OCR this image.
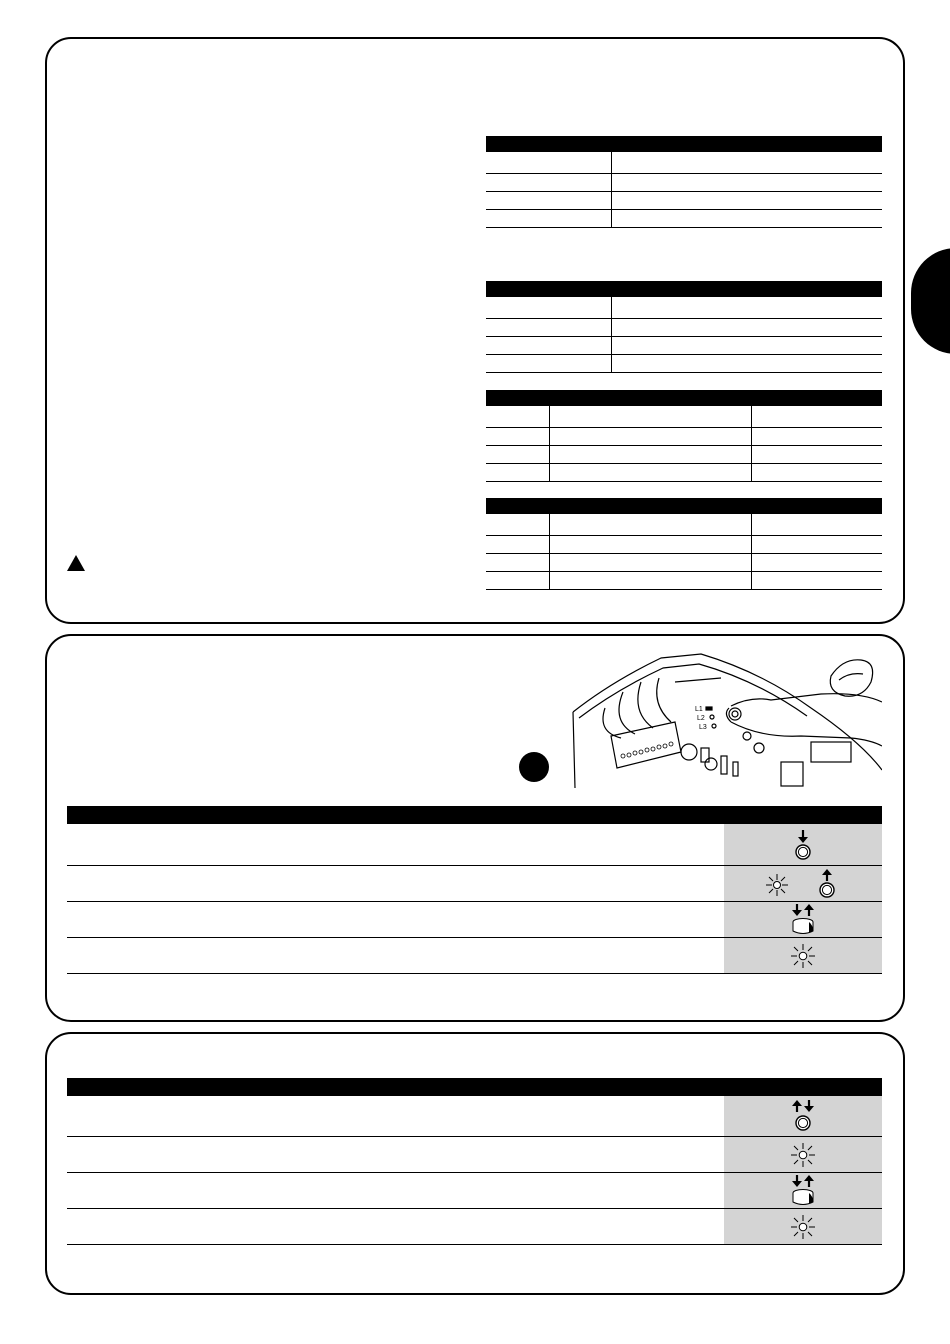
L1
L2
L3
